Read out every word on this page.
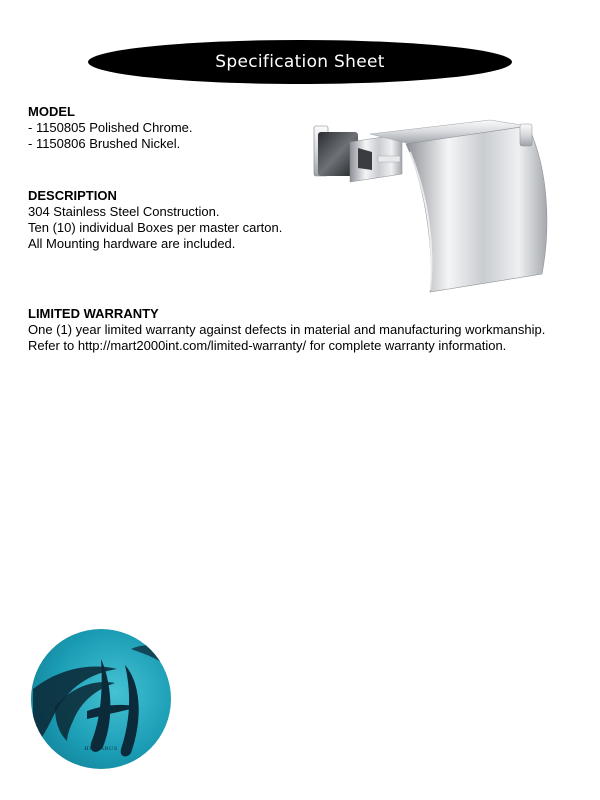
Specification Sheet
MODEL

- 1150805 Polished Chrome.

- 1150806 Brushed Nickel.

DESCRIPTION

304 Stainless Steel Construction.

Ten (10) individual Boxes per master carton.

All Mounting hardware are included.

LIMITED WARRANTY

One (1) year limited warranty against defects in material and manufacturing workmanship.

Refer to http://mart2000int.com/limited-warranty/ for complete warranty information.

HICKARUS
